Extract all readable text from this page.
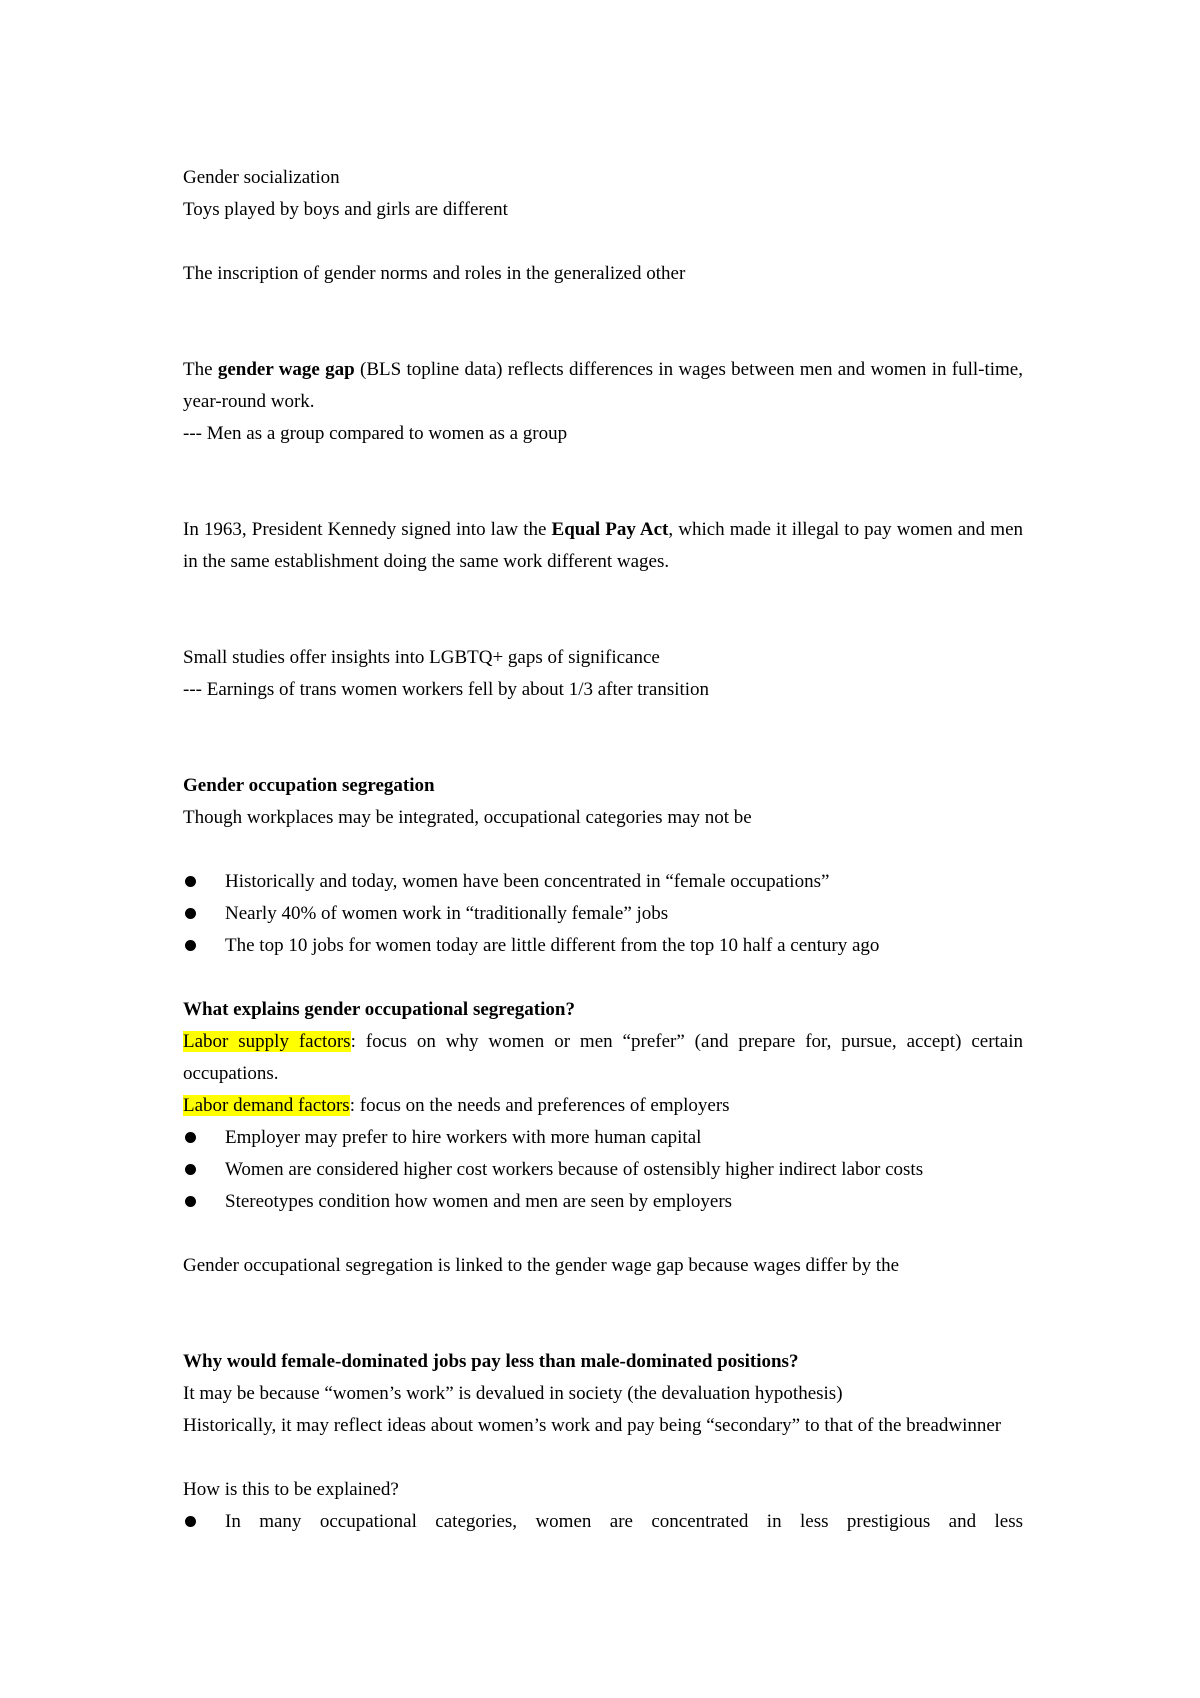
Gender socialization
Toys played by boys and girls are different
The inscription of gender norms and roles in the generalized other
The gender wage gap (BLS topline data) reflects differences in wages between men and women in full-time, year-round work.
--- Men as a group compared to women as a group
In 1963, President Kennedy signed into law the Equal Pay Act, which made it illegal to pay women and men in the same establishment doing the same work different wages.
Small studies offer insights into LGBTQ+ gaps of significance
--- Earnings of trans women workers fell by about 1/3 after transition
Gender occupation segregation
Though workplaces may be integrated, occupational categories may not be
Historically and today, women have been concentrated in “female occupations”
Nearly 40% of women work in “traditionally female” jobs
The top 10 jobs for women today are little different from the top 10 half a century ago
What explains gender occupational segregation?
Labor supply factors: focus on why women or men “prefer” (and prepare for, pursue, accept) certain occupations.
Labor demand factors: focus on the needs and preferences of employers
Employer may prefer to hire workers with more human capital
Women are considered higher cost workers because of ostensibly higher indirect labor costs
Stereotypes condition how women and men are seen by employers
Gender occupational segregation is linked to the gender wage gap because wages differ by the
Why would female-dominated jobs pay less than male-dominated positions?
It may be because “women’s work” is devalued in society (the devaluation hypothesis)
Historically, it may reflect ideas about women’s work and pay being “secondary” to that of the breadwinner
How is this to be explained?
In many occupational categories, women are concentrated in less prestigious and less
